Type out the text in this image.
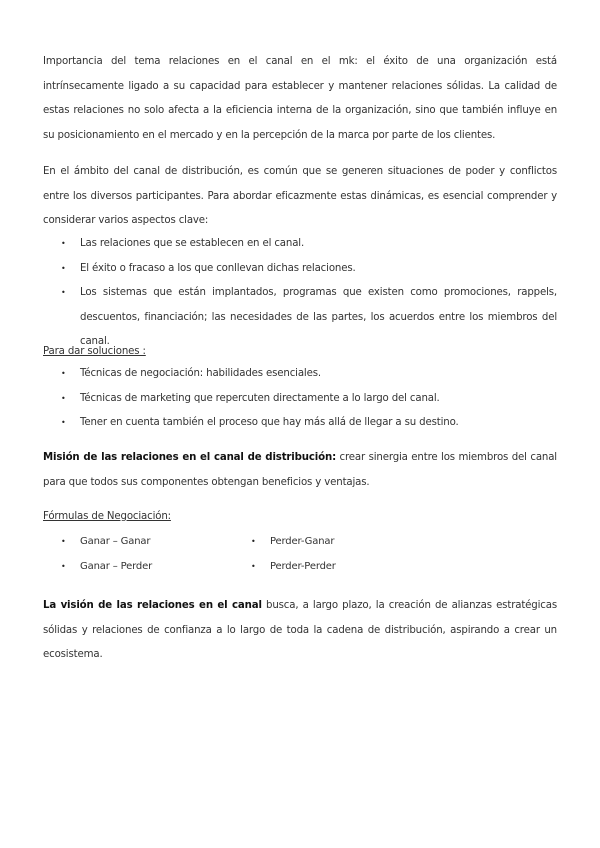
Importancia del tema relaciones en el canal en el mk: el éxito de una organización está intrínsecamente ligado a su capacidad para establecer y mantener relaciones sólidas. La calidad de estas relaciones no solo afecta a la eficiencia interna de la organización, sino que también influye en su posicionamiento en el mercado y en la percepción de la marca por parte de los clientes.

En el ámbito del canal de distribución, es común que se generen situaciones de poder y conflictos entre los diversos participantes. Para abordar eficazmente estas dinámicas, es esencial comprender y considerar varios aspectos clave:

• Las relaciones que se establecen en el canal.
• El éxito o fracaso a los que conllevan dichas relaciones.
• Los sistemas que están implantados, programas que existen como promociones, rappels, descuentos, financiación; las necesidades de las partes, los acuerdos entre los miembros del canal.

Para dar soluciones :

• Técnicas de negociación: habilidades esenciales.
• Técnicas de marketing que repercuten directamente a lo largo del canal.
• Tener en cuenta también el proceso que hay más allá de llegar a su destino.

Misión de las relaciones en el canal de distribución: crear sinergia entre los miembros del canal para que todos sus componentes obtengan beneficios y ventajas.

Fórmulas de Negociación:

• Ganar – Ganar
• Ganar – Perder
• Perder-Ganar
• Perder-Perder

La visión de las relaciones en el canal busca, a largo plazo, la creación de alianzas estratégicas sólidas y relaciones de confianza a lo largo de toda la cadena de distribución, aspirando a crear un ecosistema.
